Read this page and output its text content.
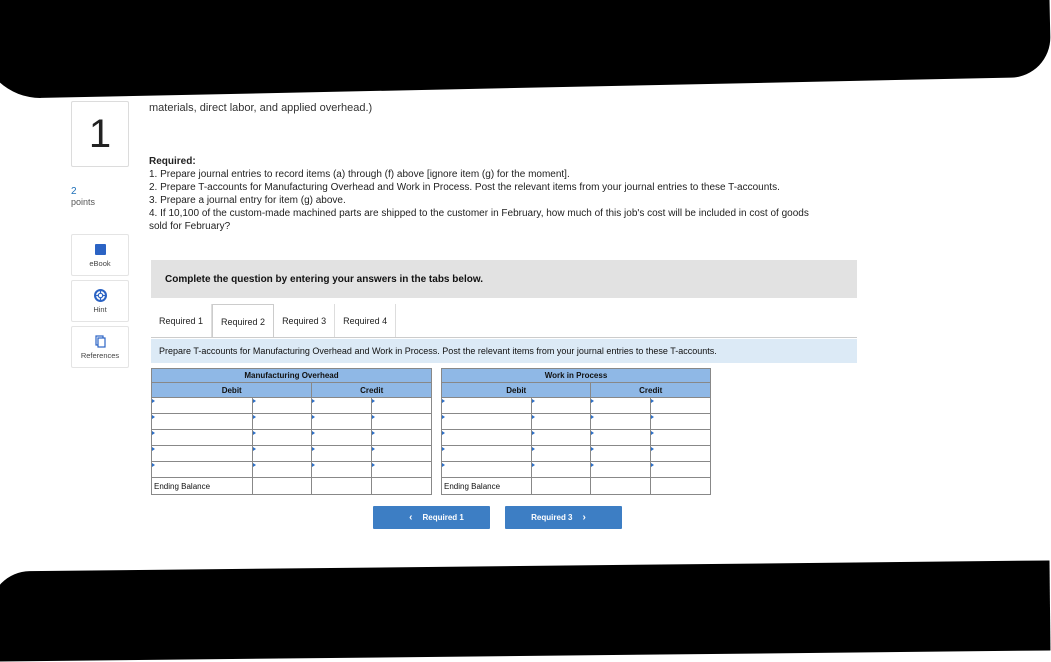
1
2
points
eBook
Hint
References
materials, direct labor, and applied overhead.)
Required:
1. Prepare journal entries to record items (a) through (f) above [ignore item (g) for the moment].
2. Prepare T-accounts for Manufacturing Overhead and Work in Process. Post the relevant items from your journal entries to these T-accounts.
3. Prepare a journal entry for item (g) above.
4. If 10,100 of the custom-made machined parts are shipped to the customer in February, how much of this job's cost will be included in cost of goods sold for February?
Complete the question by entering your answers in the tabs below.
Required 1	Required 2	Required 3	Required 4
Prepare T-accounts for Manufacturing Overhead and Work in Process. Post the relevant items from your journal entries to these T-accounts.
Manufacturing Overhead			
Debit		Credit	

Ending Balance			
Work in Process			
Debit		Credit	

Ending Balance			
‹ Required 1	Required 3 ›
